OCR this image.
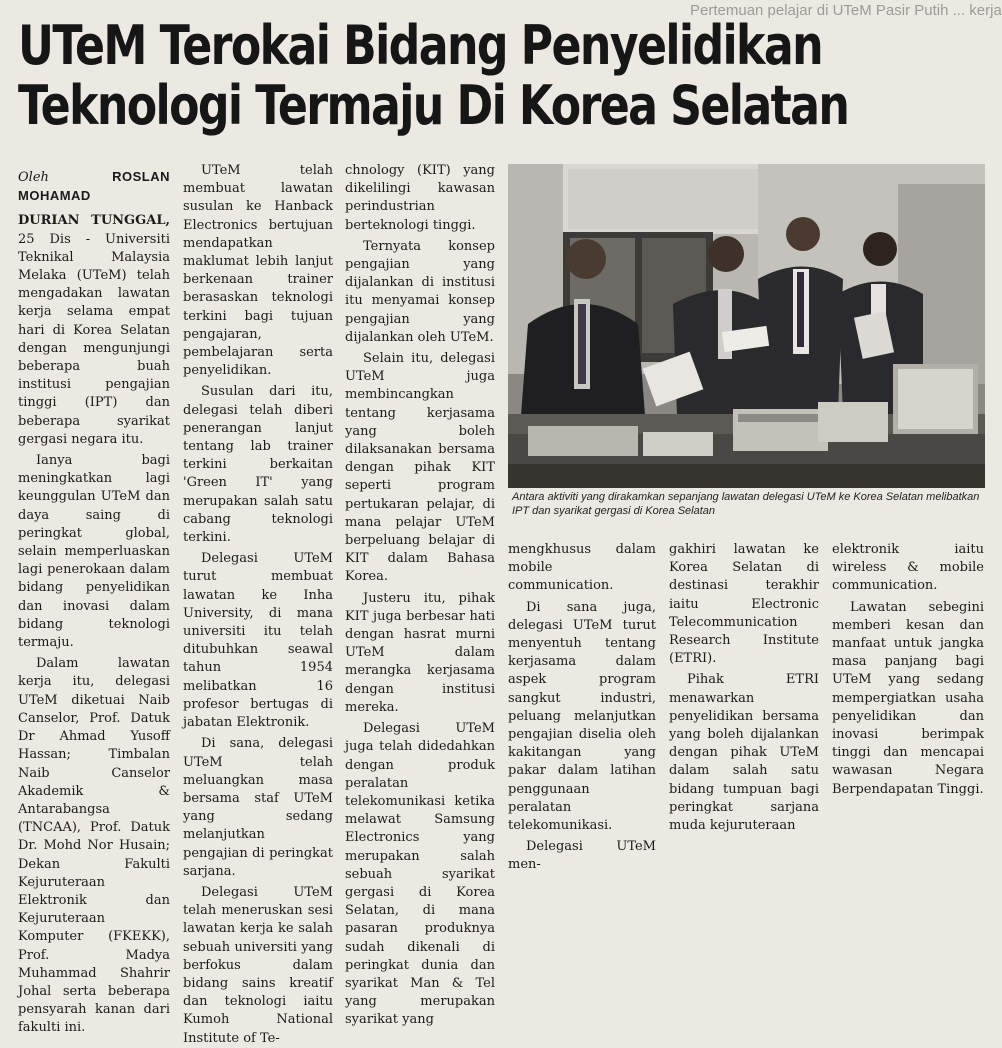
Pertemuan pelajar di UTeM Pasir Putih ... kerja
UTeM Terokai Bidang Penyelidikan
Teknologi Termaju Di Korea Selatan
Oleh	ROSLAN MOHAMAD

DURIAN TUNGGAL, 25 Dis - Universiti Teknikal Malaysia Melaka (UTeM) telah mengadakan lawatan kerja selama empat hari di Korea Selatan dengan mengunjungi beberapa buah institusi pengajian tinggi (IPT) dan beberapa syarikat gergasi negara itu.

Ianya bagi meningkatkan lagi keunggulan UTeM dan daya saing di peringkat global, selain memperluaskan lagi penerokaan dalam bidang penyelidikan dan inovasi dalam bidang teknologi termaju.

Dalam lawatan kerja itu, delegasi UTeM diketuai Naib Canselor, Prof. Datuk Dr Ahmad Yusoff Hassan; Timbalan Naib Canselor Akademik & Antarabangsa (TNCAA), Prof. Datuk Dr. Mohd Nor Husain; Dekan Fakulti Kejuruteraan Elektronik dan Kejuruteraan Komputer (FKEKK), Prof. Madya Muhammad Shahrir Johal serta beberapa pensyarah kanan dari fakulti ini.

UTeM telah membuat lawatan susulan ke Hanback Electronics bertujuan mendapatkan maklumat lebih lanjut berkenaan trainer berasaskan teknologi terkini bagi tujuan pengajaran, pembelajaran serta penyelidikan.

Susulan dari itu, delegasi telah diberi penerangan lanjut tentang lab trainer terkini berkaitan 'Green IT' yang merupakan salah satu cabang teknologi terkini.

Delegasi UTeM turut membuat lawatan ke Inha University, di mana universiti itu telah ditubuhkan seawal tahun 1954 melibatkan 16 profesor bertugas di jabatan Elektronik.

Di sana, delegasi UTeM telah meluangkan masa bersama staf UTeM yang sedang melanjutkan pengajian di peringkat sarjana.

Delegasi UTeM telah meneruskan sesi lawatan kerja ke salah sebuah universiti yang berfokus dalam bidang sains kreatif dan teknologi iaitu Kumoh National Institute of Te-

chnology (KIT) yang dikelilingi kawasan perindustrian berteknologi tinggi.

Ternyata konsep pengajian yang dijalankan di institusi itu menyamai konsep pengajian yang dijalankan oleh UTeM.

Selain itu, delegasi UTeM juga membincangkan tentang kerjasama yang boleh dilaksanakan bersama dengan pihak KIT seperti program pertukaran pelajar, di mana pelajar UTeM berpeluang belajar di KIT dalam Bahasa Korea.

Justeru itu, pihak KIT juga berbesar hati dengan hasrat murni UTeM dalam merangka kerjasama dengan institusi mereka.

Delegasi UTeM juga telah didedahkan dengan produk peralatan telekomunikasi ketika melawat Samsung Electronics yang merupakan salah sebuah syarikat gergasi di Korea Selatan, di mana pasaran produknya sudah dikenali di peringkat dunia dan syarikat Man & Tel yang merupakan syarikat yang

Antara aktiviti yang dirakamkan sepanjang lawatan delegasi UTeM ke Korea Selatan melibatkan IPT dan syarikat gergasi di Korea Selatan

mengkhusus dalam mobile communication.

Di sana juga, delegasi UTeM turut menyentuh tentang kerjasama dalam aspek program sangkut industri, peluang melanjutkan pengajian diselia oleh kakitangan yang pakar dalam latihan penggunaan peralatan telekomunikasi.

Delegasi UTeM men-

gakhiri lawatan ke Korea Selatan di destinasi terakhir iaitu Electronic Telecommunication Research Institute (ETRI).

Pihak ETRI menawarkan penyelidikan bersama yang boleh dijalankan dengan pihak UTeM dalam salah satu bidang tumpuan bagi peringkat sarjana muda kejuruteraan

elektronik iaitu wireless & mobile communication.

Lawatan sebegini memberi kesan dan manfaat untuk jangka masa panjang bagi UTeM yang sedang mempergiatkan usaha penyelidikan dan inovasi berimpak tinggi dan mencapai wawasan Negara Berpendapatan Tinggi.
